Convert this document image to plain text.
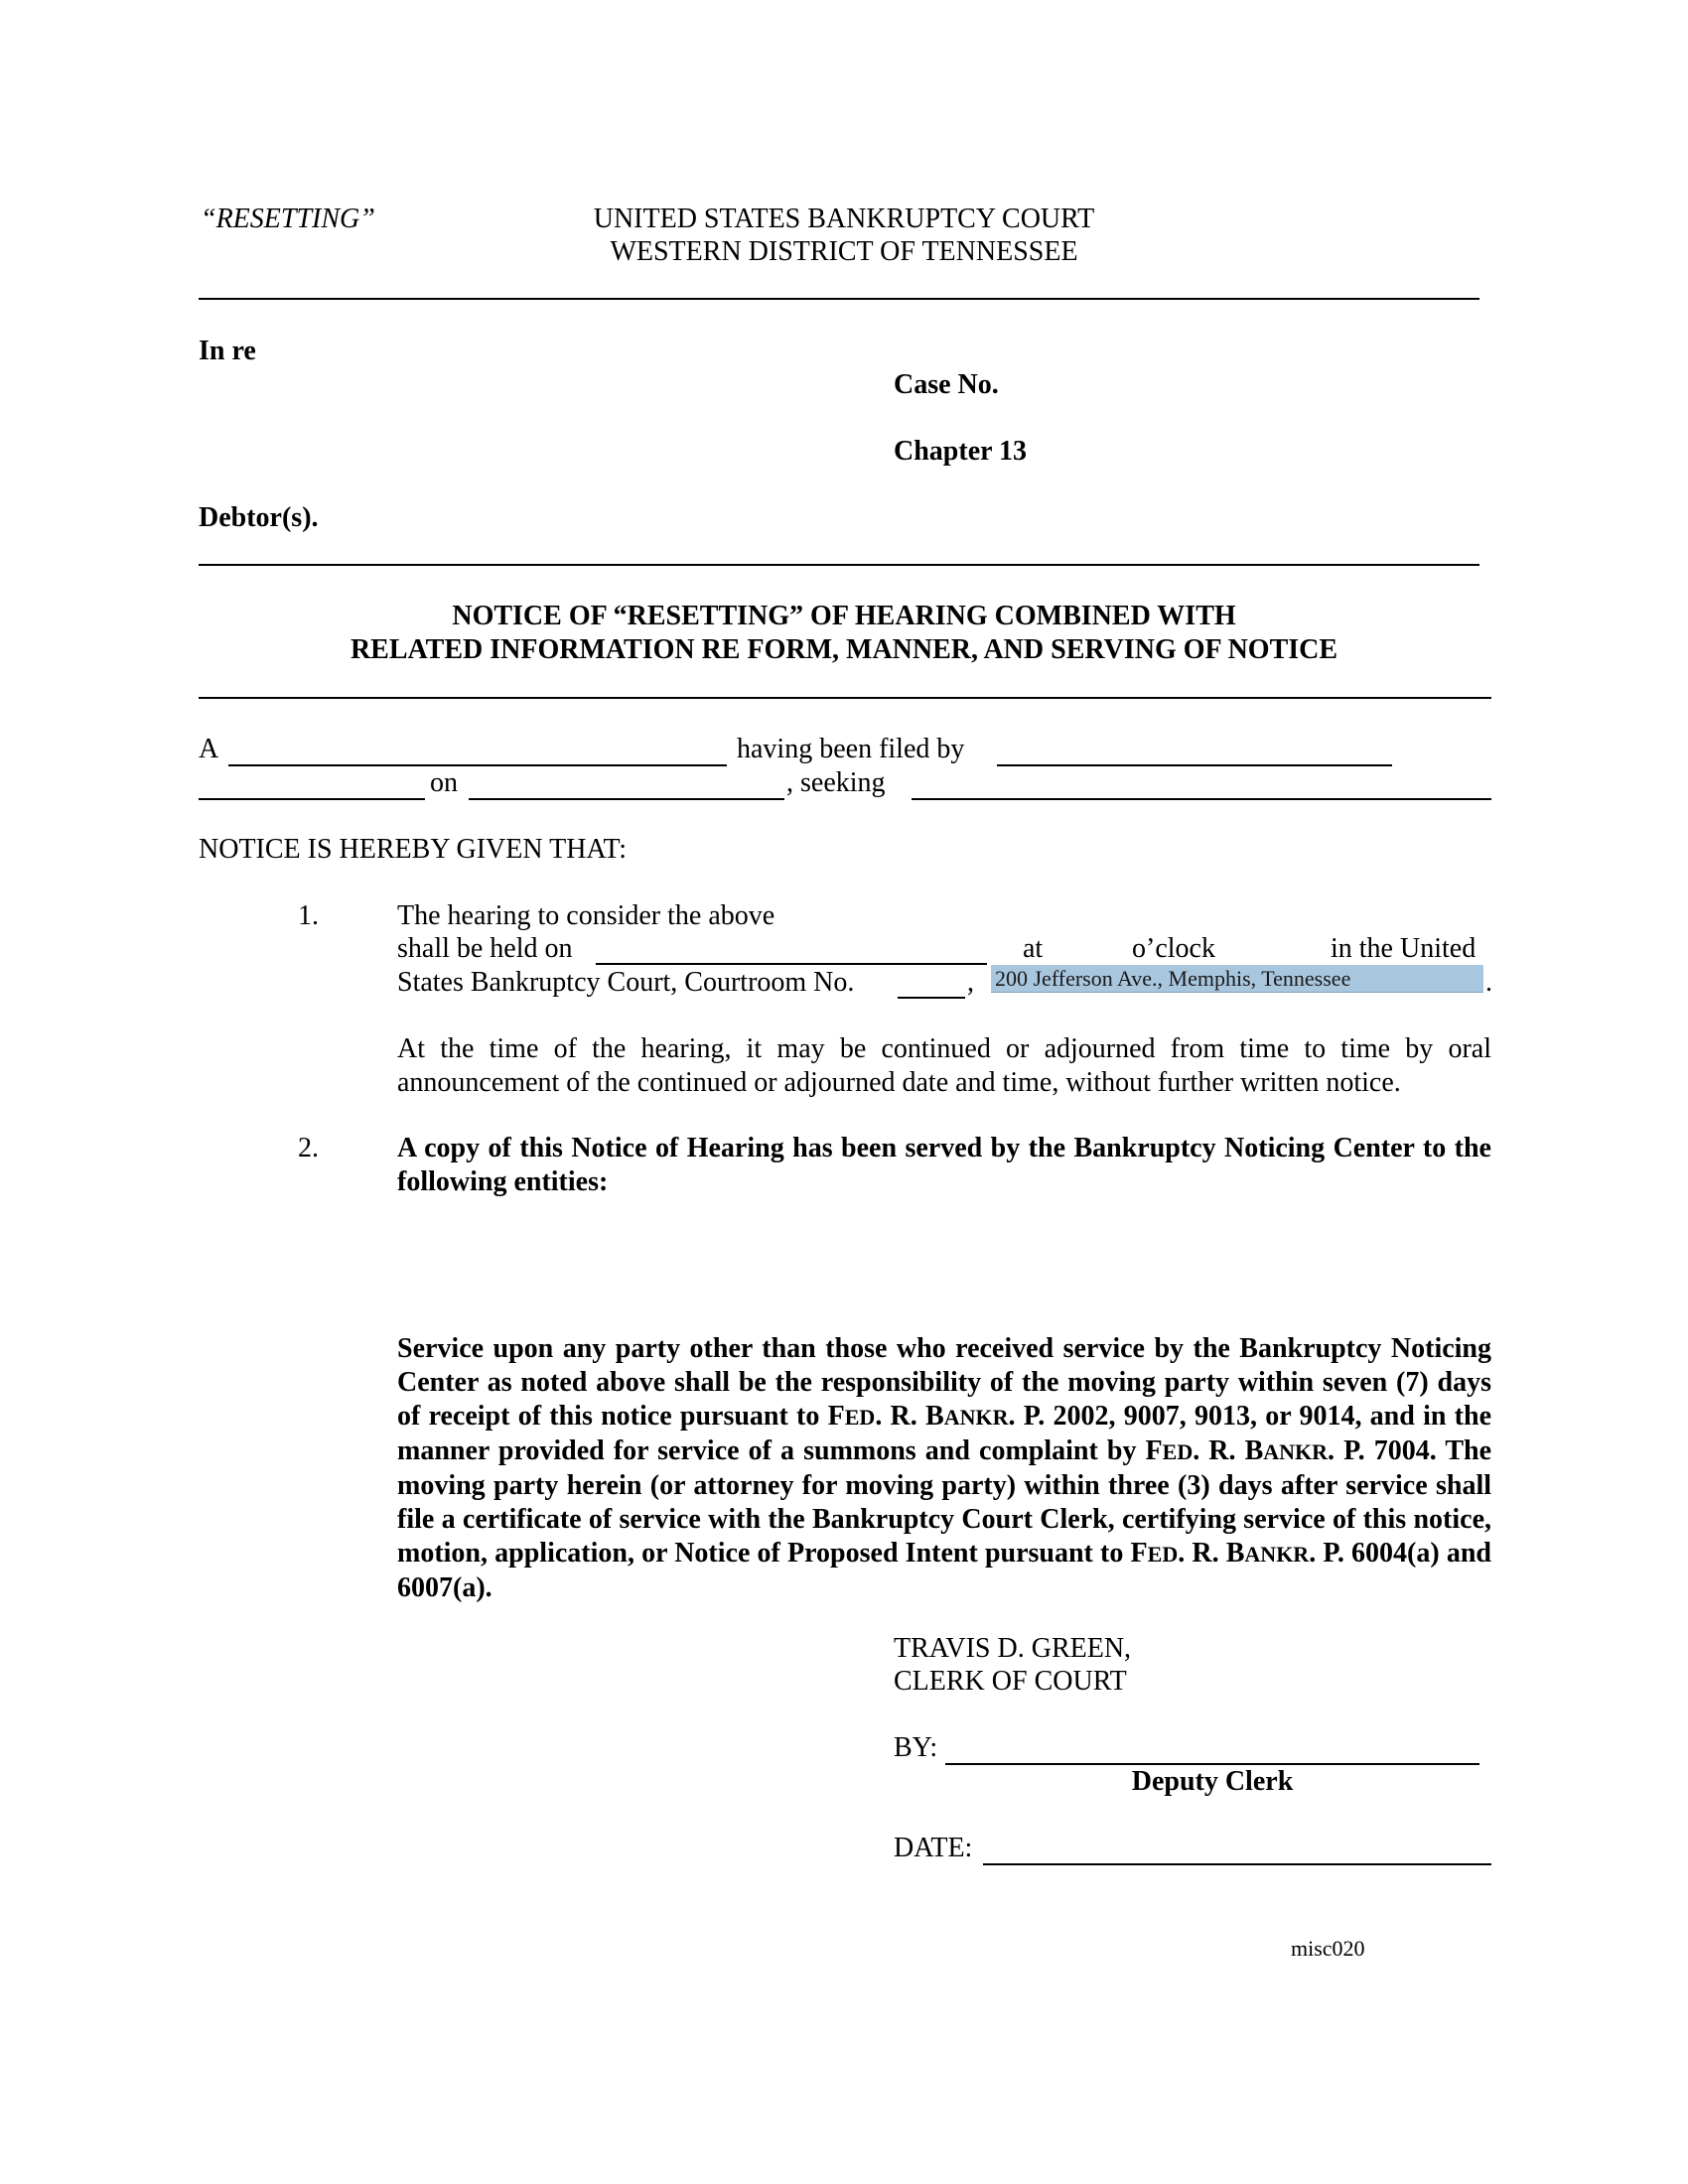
“RESETTING”	UNITED STATES BANKRUPTCY COURT
WESTERN DISTRICT OF TENNESSEE
In re
Case No.
Chapter 13
Debtor(s).
NOTICE OF “RESETTING” OF HEARING COMBINED WITH
RELATED INFORMATION RE FORM, MANNER, AND SERVING OF NOTICE
A	having been filed by
on	, seeking
NOTICE IS HEREBY GIVEN THAT:
1.	The hearing to consider the above
shall be held on	at	o’clock	in the United
States Bankruptcy Court, Courtroom No.	, 200 Jefferson Ave., Memphis, Tennessee	.
At the time of the hearing, it may be continued or adjourned from time to time by oral announcement of the continued or adjourned date and time, without further written notice.
2.	A copy of this Notice of Hearing has been served by the Bankruptcy Noticing Center to the following entities:
Service upon any party other than those who received service by the Bankruptcy Noticing Center as noted above shall be the responsibility of the moving party within seven (7) days of receipt of this notice pursuant to FED. R. BANKR. P. 2002, 9007, 9013, or 9014, and in the manner provided for service of a summons and complaint by FED. R. BANKR. P. 7004. The moving party herein (or attorney for moving party) within three (3) days after service shall file a certificate of service with the Bankruptcy Court Clerk, certifying service of this notice, motion, application, or Notice of Proposed Intent pursuant to FED. R. BANKR. P. 6004(a) and 6007(a).
TRAVIS D. GREEN,
CLERK OF COURT
BY:
Deputy Clerk
DATE:
misc020
